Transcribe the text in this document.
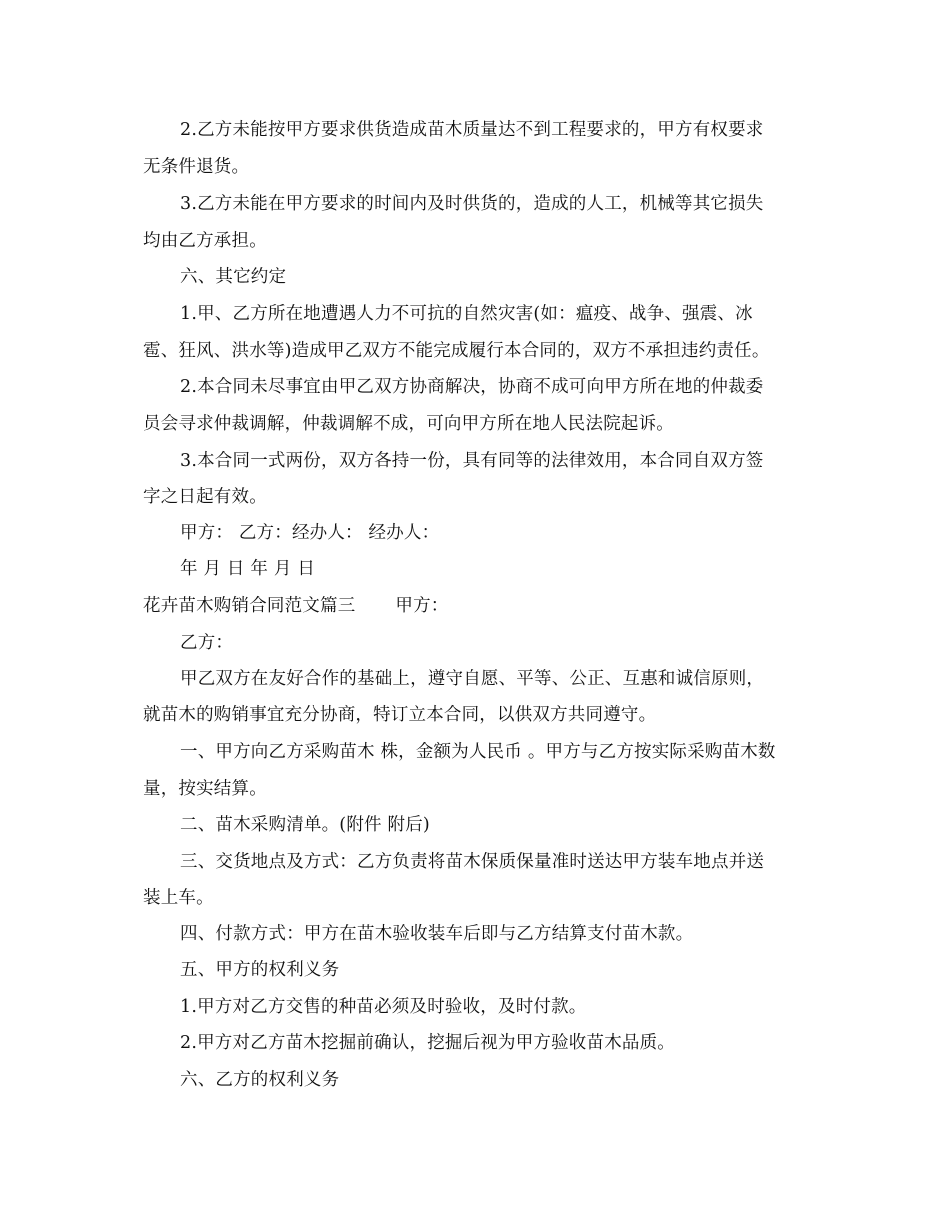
2.乙方未能按甲方要求供货造成苗木质量达不到工程要求的，甲方有权要求
无条件退货。
3.乙方未能在甲方要求的时间内及时供货的，造成的人工，机械等其它损失
均由乙方承担。
六、其它约定
1.甲、乙方所在地遭遇人力不可抗的自然灾害(如：瘟疫、战争、强震、冰
雹、狂风、洪水等)造成甲乙双方不能完成履行本合同的，双方不承担违约责任。
2.本合同未尽事宜由甲乙双方协商解决，协商不成可向甲方所在地的仲裁委
员会寻求仲裁调解，仲裁调解不成，可向甲方所在地人民法院起诉。
3.本合同一式两份，双方各持一份，具有同等的法律效用，本合同自双方签
字之日起有效。
甲方： 乙方：经办人： 经办人：
年 月 日 年 月 日
花卉苗木购销合同范文篇三 甲方：
乙方：
甲乙双方在友好合作的基础上，遵守自愿、平等、公正、互惠和诚信原则，
就苗木的购销事宜充分协商，特订立本合同，以供双方共同遵守。
一、甲方向乙方采购苗木 株，金额为人民币 。甲方与乙方按实际采购苗木数
量，按实结算。
二、苗木采购清单。(附件 附后)
三、交货地点及方式：乙方负责将苗木保质保量准时送达甲方装车地点并送
装上车。
四、付款方式：甲方在苗木验收装车后即与乙方结算支付苗木款。
五、甲方的权利义务
1.甲方对乙方交售的种苗必须及时验收，及时付款。
2.甲方对乙方苗木挖掘前确认，挖掘后视为甲方验收苗木品质。
六、乙方的权利义务
